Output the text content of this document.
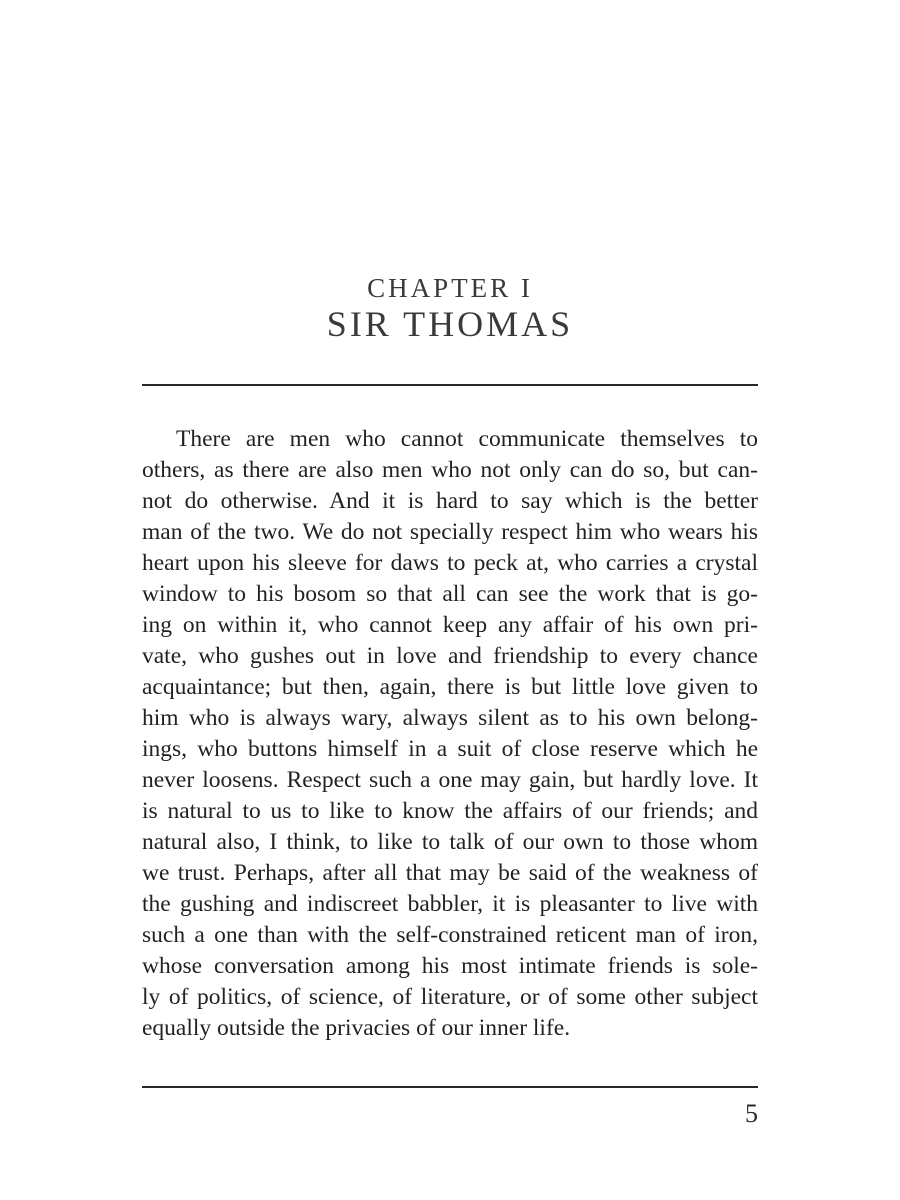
CHAPTER I
SIR THOMAS
There are men who cannot communicate themselves to
others, as there are also men who not only can do so, but can-
not do otherwise. And it is hard to say which is the better
man of the two. We do not specially respect him who wears his
heart upon his sleeve for daws to peck at, who carries a crystal
window to his bosom so that all can see the work that is go-
ing on within it, who cannot keep any affair of his own pri-
vate, who gushes out in love and friendship to every chance
acquaintance; but then, again, there is but little love given to
him who is always wary, always silent as to his own belong-
ings, who buttons himself in a suit of close reserve which he
never loosens. Respect such a one may gain, but hardly love. It
is natural to us to like to know the affairs of our friends; and
natural also, I think, to like to talk of our own to those whom
we trust. Perhaps, after all that may be said of the weakness of
the gushing and indiscreet babbler, it is pleasanter to live with
such a one than with the self-constrained reticent man of iron,
whose conversation among his most intimate friends is sole-
ly of politics, of science, of literature, or of some other subject
equally outside the privacies of our inner life.
5
